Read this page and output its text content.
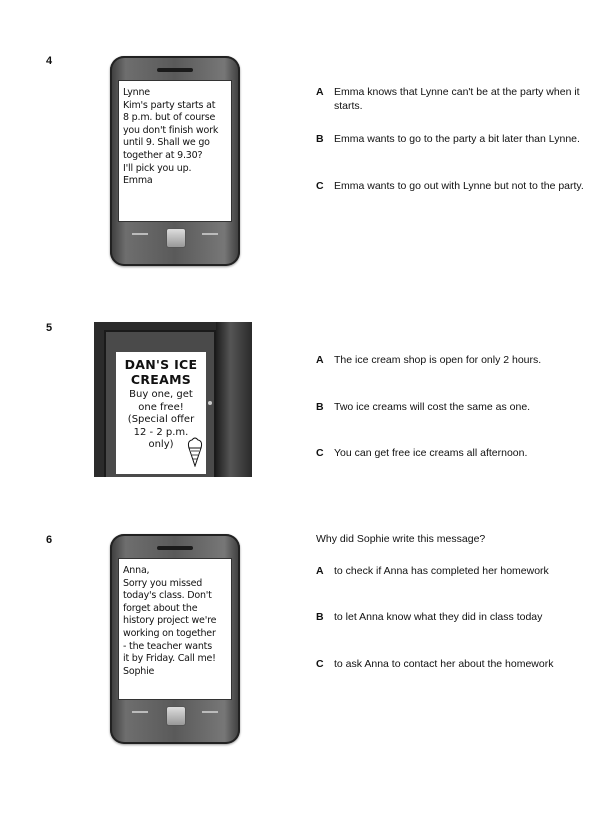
4
Lynne
Kim's party starts at
8 p.m. but of course
you don't finish work
until 9. Shall we go
together at 9.30?
I'll pick you up.
Emma
A Emma knows that Lynne can't be at the party when it starts.
B Emma wants to go to the party a bit later than Lynne.
C Emma wants to go out with Lynne but not to the party.
5
DAN'S ICE CREAMS
Buy one, get
one free!
(Special offer
12 - 2 p.m.
only)
A The ice cream shop is open for only 2 hours.
B Two ice creams will cost the same as one.
C You can get free ice creams all afternoon.
6
Anna,
Sorry you missed
today's class. Don't
forget about the
history project we're
working on together
- the teacher wants
it by Friday. Call me!
Sophie
Why did Sophie write this message?
A to check if Anna has completed her homework
B to let Anna know what they did in class today
C to ask Anna to contact her about the homework
